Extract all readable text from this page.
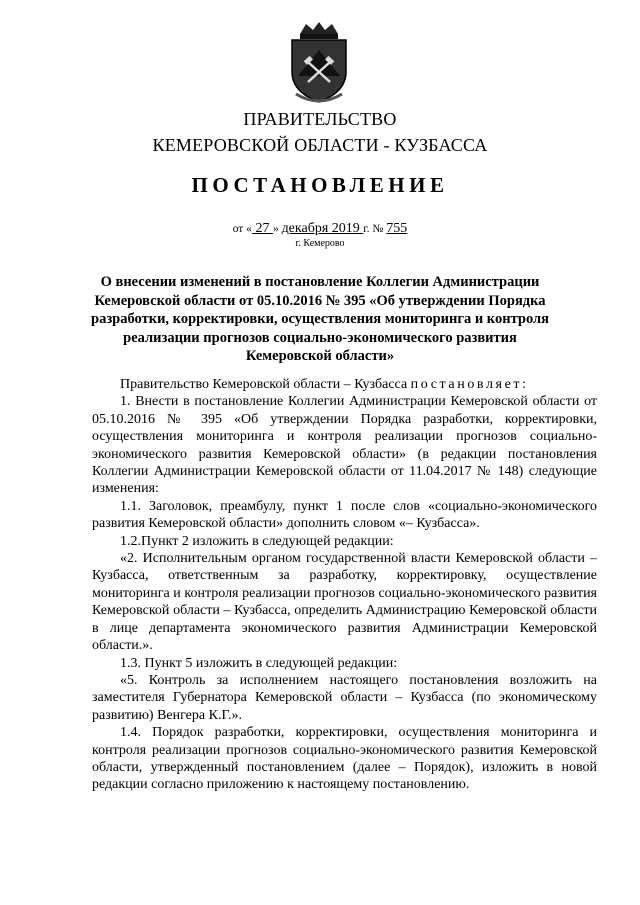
ПРАВИТЕЛЬСТВО
КЕМЕРОВСКОЙ ОБЛАСТИ - КУЗБАССА
ПОСТАНОВЛЕНИЕ
от « 27 » декабря 2019 г. № 755
г. Кемерово
О внесении изменений в постановление Коллегии Администрации Кемеровской области от 05.10.2016 № 395 «Об утверждении Порядка разработки, корректировки, осуществления мониторинга и контроля реализации прогнозов социально-экономического развития Кемеровской области»

Правительство Кемеровской области – Кузбасса постановляет:

1. Внести в постановление Коллегии Администрации Кемеровской области от 05.10.2016 № 395 «Об утверждении Порядка разработки, корректировки, осуществления мониторинга и контроля реализации прогнозов социально-экономического развития Кемеровской области» (в редакции постановления Коллегии Администрации Кемеровской области от 11.04.2017 № 148) следующие изменения:

1.1. Заголовок, преамбулу, пункт 1 после слов «социально-экономического развития Кемеровской области» дополнить словом «– Кузбасса».

1.2.Пункт 2 изложить в следующей редакции:

«2. Исполнительным органом государственной власти Кемеровской области – Кузбасса, ответственным за разработку, корректировку, осуществление мониторинга и контроля реализации прогнозов социально-экономического развития Кемеровской области – Кузбасса, определить Администрацию Кемеровской области в лице департамента экономического развития Администрации Кемеровской области.».

1.3. Пункт 5 изложить в следующей редакции:

«5. Контроль за исполнением настоящего постановления возложить на заместителя Губернатора Кемеровской области – Кузбасса (по экономическому развитию) Венгера К.Г.».

1.4. Порядок разработки, корректировки, осуществления мониторинга и контроля реализации прогнозов социально-экономического развития Кемеровской области, утвержденный постановлением (далее – Порядок), изложить в новой редакции согласно приложению к настоящему постановлению.
